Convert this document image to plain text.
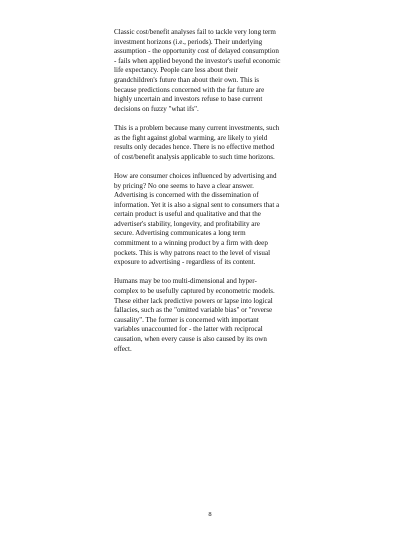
Classic cost/benefit analyses fail to tackle very long term
investment horizons (i.e., periods). Their underlying
assumption - the opportunity cost of delayed consumption
- fails when applied beyond the investor's useful economic
life expectancy. People care less about their
grandchildren's future than about their own. This is
because predictions concerned with the far future are
highly uncertain and investors refuse to base current
decisions on fuzzy "what ifs".

This is a problem because many current investments, such
as the fight against global warming, are likely to yield
results only decades hence. There is no effective method
of cost/benefit analysis applicable to such time horizons.

How are consumer choices influenced by advertising and
by pricing? No one seems to have a clear answer.
Advertising is concerned with the dissemination of
information. Yet it is also a signal sent to consumers that a
certain product is useful and qualitative and that the
advertiser's stability, longevity, and profitability are
secure. Advertising communicates a long term
commitment to a winning product by a firm with deep
pockets. This is why patrons react to the level of visual
exposure to advertising - regardless of its content.

Humans may be too multi-dimensional and hyper-
complex to be usefully captured by econometric models.
These either lack predictive powers or lapse into logical
fallacies, such as the "omitted variable bias" or "reverse
causality". The former is concerned with important
variables unaccounted for - the latter with reciprocal
causation, when every cause is also caused by its own
effect.

8
